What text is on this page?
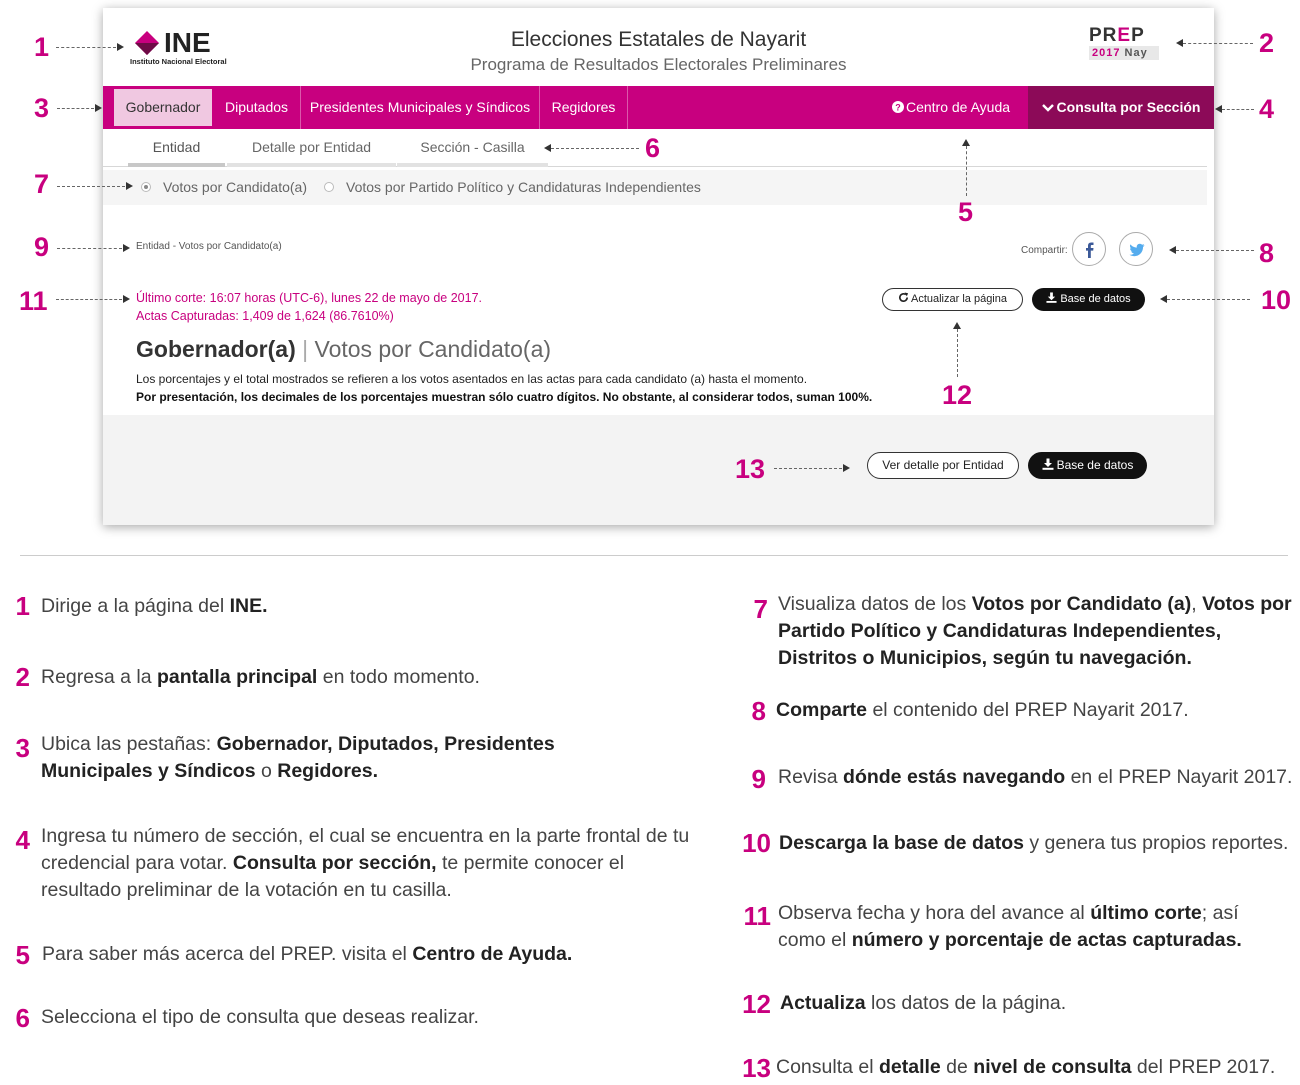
INE
Instituto Nacional Electoral
Elecciones Estatales de Nayarit
Programa de Resultados Electorales Preliminares
PREP
2017 Nay
Gobernador	Diputados	Presidentes Municipales y Síndicos	Regidores	? Centro de Ayuda	Consulta por Sección
Entidad	Detalle por Entidad	Sección - Casilla
Votos por Candidato(a)	Votos por Partido Político y Candidaturas Independientes
Entidad - Votos por Candidato(a)	Compartir:
Último corte: 16:07 horas (UTC-6), lunes 22 de mayo de 2017.
Actas Capturadas: 1,409 de 1,624 (86.7610%)
Actualizar la página	Base de datos
Gobernador(a) | Votos por Candidato(a)
Los porcentajes y el total mostrados se refieren a los votos asentados en las actas para cada candidato (a) hasta el momento.
Por presentación, los decimales de los porcentajes muestran sólo cuatro dígitos. No obstante, al considerar todos, suman 100%.
Ver detalle por Entidad	Base de datos
1	2
3	4
5
6
7
8
9
10
11
12
13
1 Dirige a la página del INE.
2 Regresa a la pantalla principal en todo momento.
3 Ubica las pestañas: Gobernador, Diputados, Presidentes Municipales y Síndicos o Regidores.
4 Ingresa tu número de sección, el cual se encuentra en la parte frontal de tu credencial para votar. Consulta por sección, te permite conocer el resultado preliminar de la votación en tu casilla.
5 Para saber más acerca del PREP. visita el Centro de Ayuda.
6 Selecciona el tipo de consulta que deseas realizar.
7 Visualiza datos de los Votos por Candidato (a), Votos por Partido Político y Candidaturas Independientes, Distritos o Municipios, según tu navegación.
8 Comparte el contenido del PREP Nayarit 2017.
9 Revisa dónde estás navegando en el PREP Nayarit 2017.
10 Descarga la base de datos y genera tus propios reportes.
11 Observa fecha y hora del avance al último corte; así como el número y porcentaje de actas capturadas.
12 Actualiza los datos de la página.
13 Consulta el detalle de nivel de consulta del PREP 2017.
